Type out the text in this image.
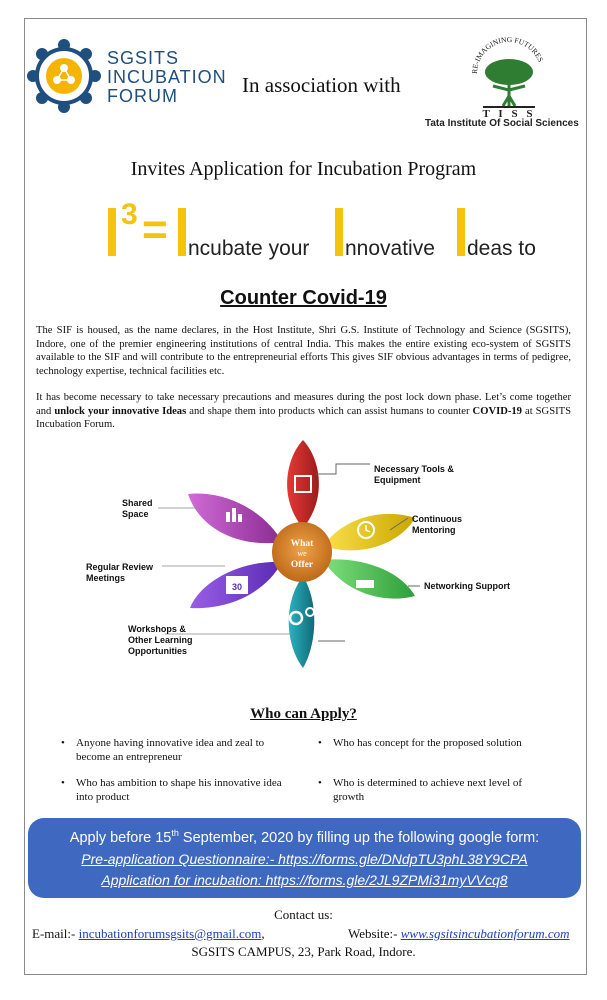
SGSITS
INCUBATION
FORUM	In association with
RE-IMAGINING FUTURES
T I S S
Tata Institute Of Social Sciences
Invites Application for Incubation Program
3 = ncubate your nnovative deas to
Counter Covid-19
The SIF is housed, as the name declares, in the Host Institute, Shri G.S. Institute of Technology and Science (SGSITS), Indore, one of the premier engineering institutions of central India. This makes the entire existing eco-system of SGSITS available to the SIF and will contribute to the entrepreneurial efforts This gives SIF obvious advantages in terms of pedigree, technology expertise, technical facilities etc.
It has become necessary to take necessary precautions and measures during the post lock down phase. Let’s come together and unlock your innovative Ideas and shape them into products which can assist humans to counter COVID-19 at SGSITS Incubation Forum.
30
What
we
Offer
Necessary Tools & Equipment
Continuous Mentoring
Networking Support
Workshops & Other Learning Opportunities
Regular Review Meetings
Shared Space
Who can Apply?
• Anyone having innovative idea and zeal to become an entrepreneur
• Who has concept for the proposed solution
• Who has ambition to shape his innovative idea into product
• Who is determined to achieve next level of growth
Apply before 15th September, 2020 by filling up the following google form:
Pre-application Questionnaire:- https://forms.gle/DNdpTU3phL38Y9CPA
Application for incubation: https://forms.gle/2JL9ZPMi31myVVcq8
Contact us:
E-mail:- incubationforumsgsits@gmail.com,	Website:- www.sgsitsincubationforum.com
SGSITS CAMPUS, 23, Park Road, Indore.
